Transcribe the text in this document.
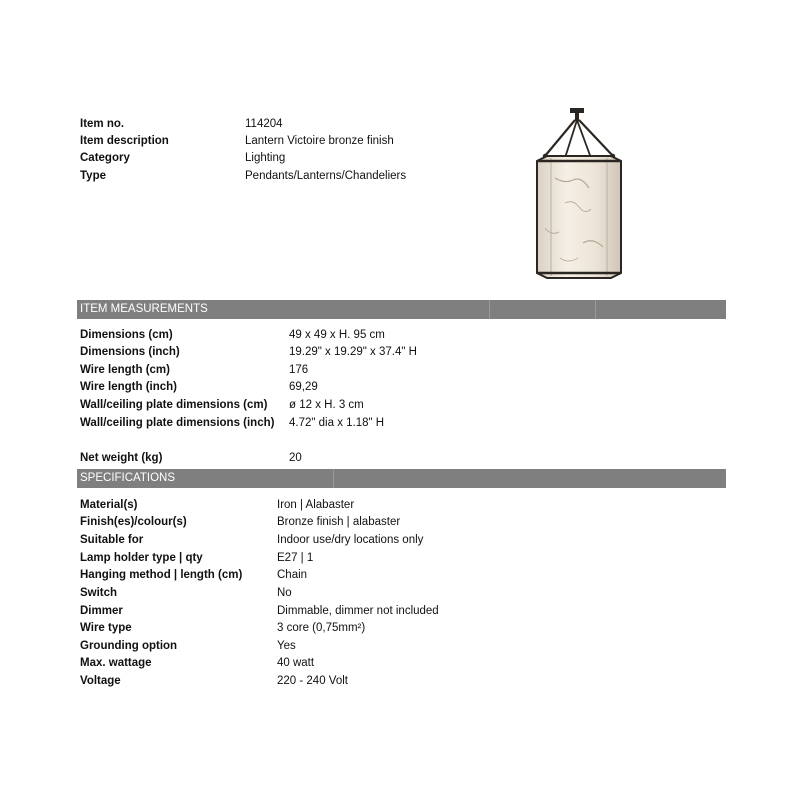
Item no.	114204
Item description	Lantern Victoire bronze finish
Category	Lighting
Type	Pendants/Lanterns/Chandeliers
ITEM MEASUREMENTS
Dimensions (cm)	49 x 49 x H. 95 cm
Dimensions (inch)	19.29" x 19.29" x 37.4" H
Wire length (cm)	176
Wire length (inch)	69,29
Wall/ceiling plate dimensions (cm) ø 12 x H. 3 cm
Wall/ceiling plate dimensions (inch) 4.72" dia x 1.18" H
Net weight (kg)	20
SPECIFICATIONS
Material(s)	Iron | Alabaster
Finish(es)/colour(s)	Bronze finish | alabaster
Suitable for	Indoor use/dry locations only
Lamp holder type | qty	E27 | 1
Hanging method | length (cm)	Chain
Switch	No
Dimmer	Dimmable, dimmer not included
Wire type	3 core (0,75mm²)
Grounding option	Yes
Max. wattage	40 watt
Voltage	220 - 240 Volt
